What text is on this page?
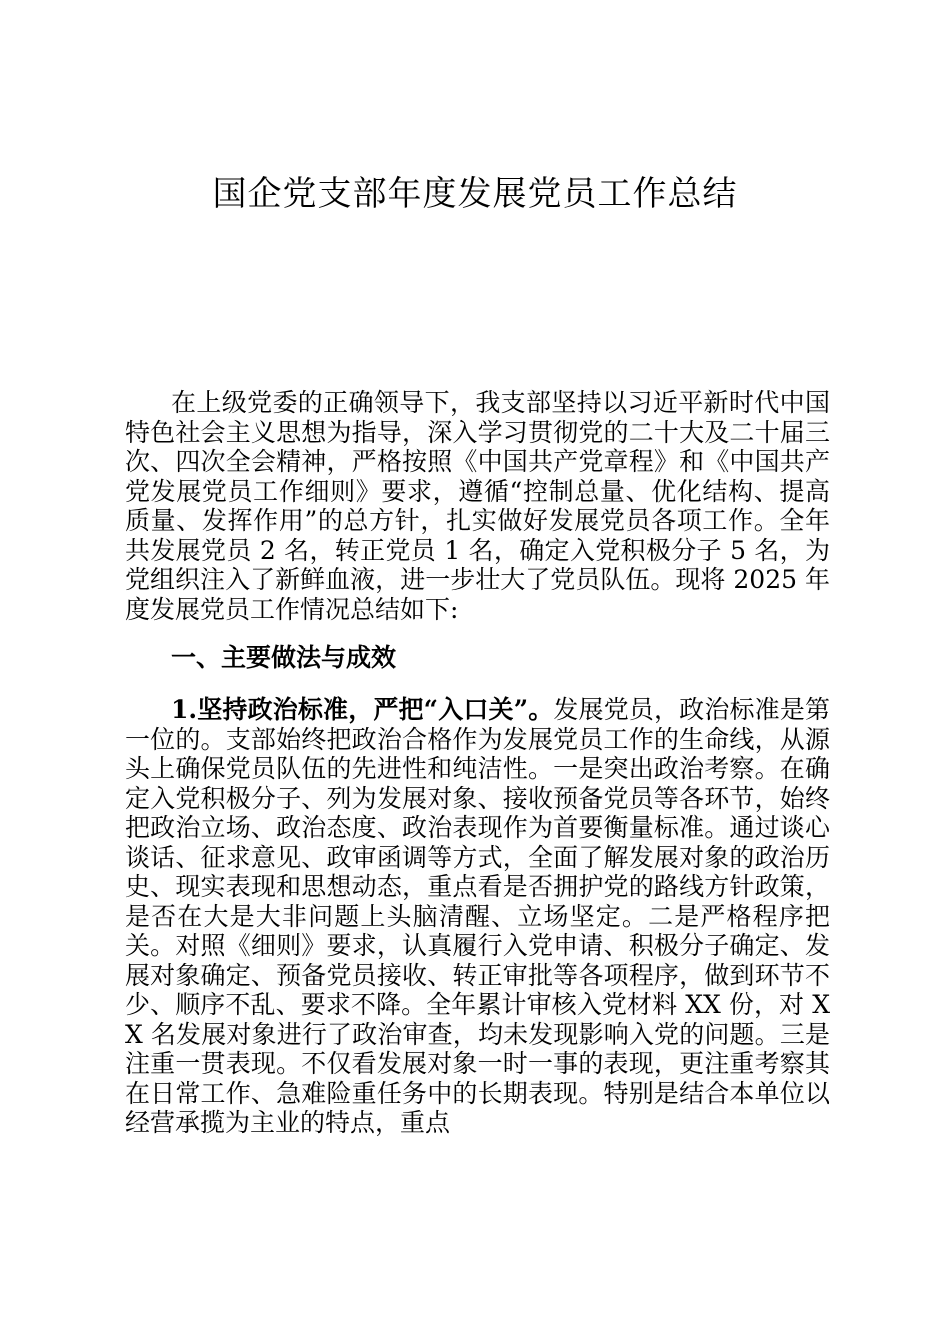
国企党支部年度发展党员工作总结

在上级党委的正确领导下，我支部坚持以习近平新时代中国特色社会主义思想为指导，深入学习贯彻党的二十大及二十届三次、四次全会精神，严格按照《中国共产党章程》和《中国共产党发展党员工作细则》要求，遵循“控制总量、优化结构、提高质量、发挥作用”的总方针，扎实做好发展党员各项工作。全年共发展党员 2 名，转正党员 1 名，确定入党积极分子 5 名，为党组织注入了新鲜血液，进一步壮大了党员队伍。现将 2025 年度发展党员工作情况总结如下:

一、主要做法与成效

1.坚持政治标准，严把“入口关”。发展党员，政治标准是第一位的。支部始终把政治合格作为发展党员工作的生命线，从源头上确保党员队伍的先进性和纯洁性。一是突出政治考察。在确定入党积极分子、列为发展对象、接收预备党员等各环节，始终把政治立场、政治态度、政治表现作为首要衡量标准。通过谈心谈话、征求意见、政审函调等方式，全面了解发展对象的政治历史、现实表现和思想动态，重点看是否拥护党的路线方针政策，是否在大是大非问题上头脑清醒、立场坚定。二是严格程序把关。对照《细则》要求，认真履行入党申请、积极分子确定、发展对象确定、预备党员接收、转正审批等各项程序，做到环节不少、顺序不乱、要求不降。全年累计审核入党材料 XX 份，对 XX 名发展对象进行了政治审查，均未发现影响入党的问题。三是注重一贯表现。不仅看发展对象一时一事的表现，更注重考察其在日常工作、急难险重任务中的长期表现。特别是结合本单位以经营承揽为主业的特点，重点
